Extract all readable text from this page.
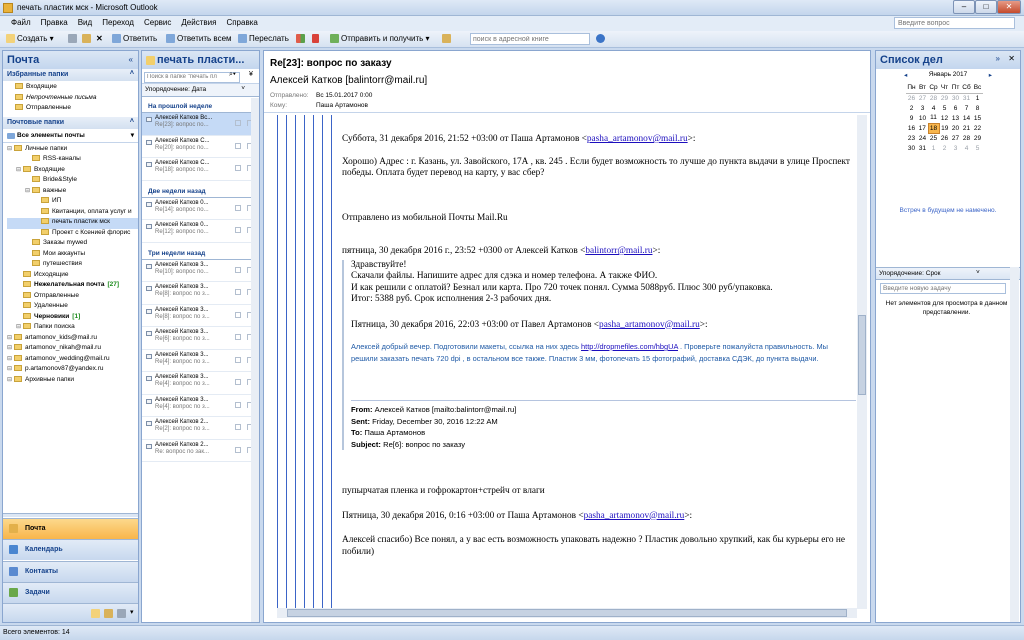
печать пластик мск - Microsoft Outlook	–	□	✕
Файл Правка Вид Переход Сервис Действия Справка
Введите вопрос
Создать ▾	✕	Ответить	Ответить всем	Переслать	Отправить и получить ▾
поиск в адресной книге
Почта	«
Избранные папки	˄
Входящие
Непрочтенные письма
Отправленные
Почтовые папки	˄
Все элементы почты	▾
⊟ Личные папки
RSS-каналы
⊟ Входящие
Bride&Style
⊟ важные
ИП
Квитанции, оплата услуг и
печать пластик мск
Проект с Ксенией флорис
Заказы mywed
Мои аккаунты
путешествия
Исходящие
Нежелательная почта [27]
Отправленные
Удаленные
Черновики [1]
⊟ Папки поиска
⊟ artamonov_kids@mail.ru
⊟ artamonov_nikah@mail.ru
⊟ artamonov_wedding@mail.ru
⊟ p.artamonov87@yandex.ru
⊟ Архивные папки
Почта
Календарь
Контакты
Задачи
▾
печать пласти...
Поиск в папке "печать пл
⌕▾ ¥
Упорядочение: Дата	˅
На прошлой неделе
Алексей Катков Вс...
Re[23]: вопрос по...
Алексей Катков С...
Re[20]: вопрос по...
Алексей Катков С...
Re[18]: вопрос по...
Две недели назад
Алексей Катков 0...
Re[14]: вопрос по...
Алексей Катков 0...
Re[12]: вопрос по...
Три недели назад
Алексей Катков 3...
Re[10]: вопрос по...
Алексей Катков 3...
Re[8]: вопрос по з...
Алексей Катков 3...
Re[8]: вопрос по з...
Алексей Катков 3...
Re[6]: вопрос по з...
Алексей Катков 3...
Re[4]: вопрос по з...
Алексей Катков 3...
Re[4]: вопрос по з...
Алексей Катков 3...
Re[4]: вопрос по з...
Алексей Катков 2...
Re[2]: вопрос по з...
Алексей Катков 2...
Re: вопрос по зак...
Re[23]: вопрос по заказу
Алексей Катков [balintorr@mail.ru]
Отправлено: Вс 15.01.2017 0:00
Кому:	Паша Артамонов

Суббота, 31 декабря 2016, 21:52 +03:00 от Паша Артамонов <pasha_artamonov@mail.ru>:

Хорошо) Адрес : г. Казань, ул. Завойского, 17А , кв. 245 . Если будет возможность то лучше до пункта выдачи в улице Проспект победы. Оплата будет перевод на карту, у вас сбер?

Отправлено из мобильной Почты Mail.Ru

пятница, 30 декабря 2016 г., 23:52 +0300 от Алексей Катков <balintorr@mail.ru>:

Здравствуйте!

Скачали файлы. Напишите адрес для сдэка и номер телефона. А также ФИО.

И как решили с оплатой? Безнал или карта. Про 720 точек понял. Сумма 5088руб. Плюс 300 руб/упаковка.

Итог: 5388 руб. Срок исполнения 2-3 рабочих дня.

Пятница, 30 декабря 2016, 22:03 +03:00 от Павел Артамонов <pasha_artamonov@mail.ru>:

Алексей добрый вечер. Подготовили макеты, ссылка на них здесь http://dropmefiles.com/hbgUA . Проверьте пожалуйста правильность. Мы решили заказать печать 720 dpi , в остальном все также. Пластик 3 мм, фотопечать 15 фотографий, доставка СДЭК, до пункта выдачи.

From: Алексей Катков [mailto:balintorr@mail.ru]
Sent: Friday, December 30, 2016 12:22 AM
To: Паша Артамонов
Subject: Re[6]: вопрос по заказу

пупырчатая пленка и гофрокартон+стрейч от влаги

Пятница, 30 декабря 2016, 0:16 +03:00 от Паша Артамонов <pasha_artamonov@mail.ru>:

Алексей спасибо) Все понял, а у вас есть возможность упаковать надежно ? Пластик довольно хрупкий, как бы курьеры его не побили)

Список дел	» ✕
◂	Январь 2017	▸
Пн	Вт	Ср	Чт	Пт	Сб	Вс
26	27	28	29	30	31	1
2	3	4	5	6	7	8
9	10	11	12	13	14	15
16	17	18	19	20	21	22
23	24	25	26	27	28	29
30	31	1	2	3	4	5
Встреч в будущем не намечено.
Упорядочение: Срок	˅
Введите новую задачу
Нет элементов для просмотра в данном представлении.
Всего элементов: 14
